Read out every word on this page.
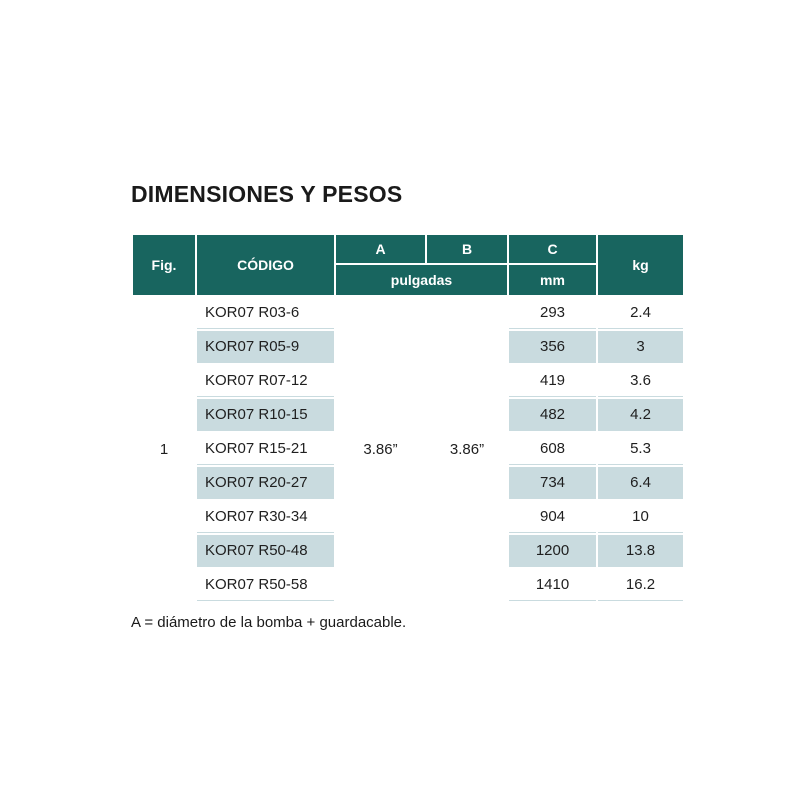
DIMENSIONES Y PESOS
Fig.	CÓDIGO	A	B	C	kg
		pulgadas		mm	
1	KOR07 R03-6	3.86”	3.86”	293	2.4
	KOR07 R05-9			356	3
	KOR07 R07-12			419	3.6
	KOR07 R10-15			482	4.2
	KOR07 R15-21			608	5.3
	KOR07 R20-27			734	6.4
	KOR07 R30-34			904	10
	KOR07 R50-48			1200	13.8
	KOR07 R50-58			1410	16.2
A = diámetro de la bomba + guardacable.
